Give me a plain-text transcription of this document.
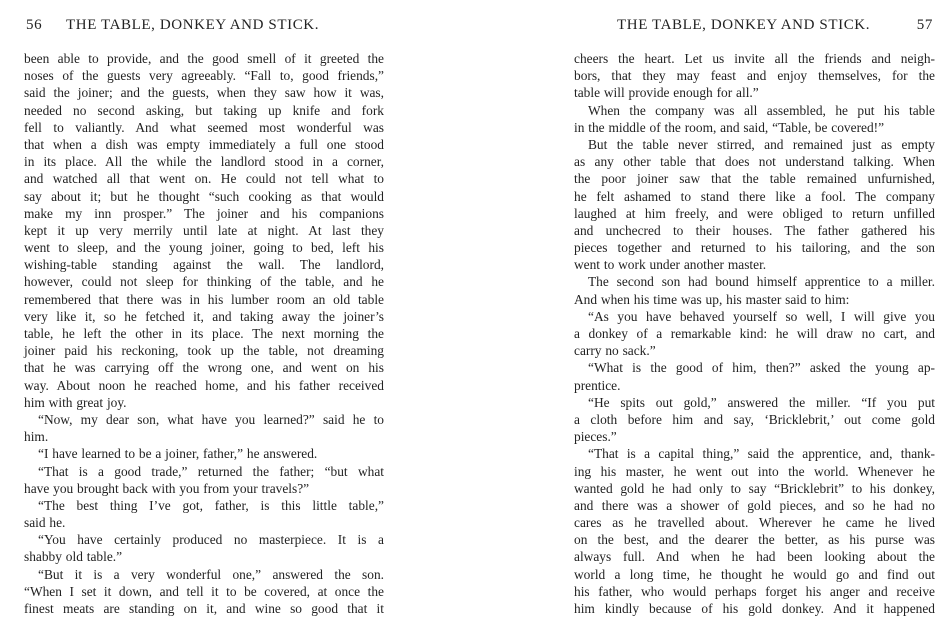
56 THE TABLE, DONKEY AND STICK.
been able to provide, and the good smell of it greeted the
noses of the guests very agreeably. “Fall to, good friends,”
said the joiner; and the guests, when they saw how it was,
needed no second asking, but taking up knife and fork
fell to valiantly. And what seemed most wonderful was
that when a dish was empty immediately a full one stood
in its place. All the while the landlord stood in a corner,
and watched all that went on. He could not tell what to
say about it; but he thought “such cooking as that would
make my inn prosper.” The joiner and his companions
kept it up very merrily until late at night. At last they
went to sleep, and the young joiner, going to bed, left his
wishing-table standing against the wall. The landlord,
however, could not sleep for thinking of the table, and he
remembered that there was in his lumber room an old table
very like it, so he fetched it, and taking away the joiner’s
table, he left the other in its place. The next morning the
joiner paid his reckoning, took up the table, not dreaming
that he was carrying off the wrong one, and went on his
way. About noon he reached home, and his father received
him with great joy.
“Now, my dear son, what have you learned?” said he to
him.
“I have learned to be a joiner, father,” he answered.
“That is a good trade,” returned the father; “but what
have you brought back with you from your travels?”
“The best thing I’ve got, father, is this little table,”
said he.
“You have certainly produced no masterpiece. It is a
shabby old table.”
“But it is a very wonderful one,” answered the son.
“When I set it down, and tell it to be covered, at once the
finest meats are standing on it, and wine so good that it
THE TABLE, DONKEY AND STICK.	57
cheers the heart. Let us invite all the friends and neigh-
bors, that they may feast and enjoy themselves, for the
table will provide enough for all.”
When the company was all assembled, he put his table
in the middle of the room, and said, “Table, be covered!”
But the table never stirred, and remained just as empty
as any other table that does not understand talking. When
the poor joiner saw that the table remained unfurnished,
he felt ashamed to stand there like a fool. The company
laughed at him freely, and were obliged to return unfilled
and unchecred to their houses. The father gathered his
pieces together and returned to his tailoring, and the son
went to work under another master.
The second son had bound himself apprentice to a miller.
And when his time was up, his master said to him:
“As you have behaved yourself so well, I will give you
a donkey of a remarkable kind: he will draw no cart, and
carry no sack.”
“What is the good of him, then?” asked the young ap-
prentice.
“He spits out gold,” answered the miller. “If you put
a cloth before him and say, ‘Bricklebrit,’ out come gold
pieces.”
“That is a capital thing,” said the apprentice, and, thank-
ing his master, he went out into the world. Whenever he
wanted gold he had only to say “Bricklebrit” to his donkey,
and there was a shower of gold pieces, and so he had no
cares as he travelled about. Wherever he came he lived
on the best, and the dearer the better, as his purse was
always full. And when he had been looking about the
world a long time, he thought he would go and find out
his father, who would perhaps forget his anger and receive
him kindly because of his gold donkey. And it happened
